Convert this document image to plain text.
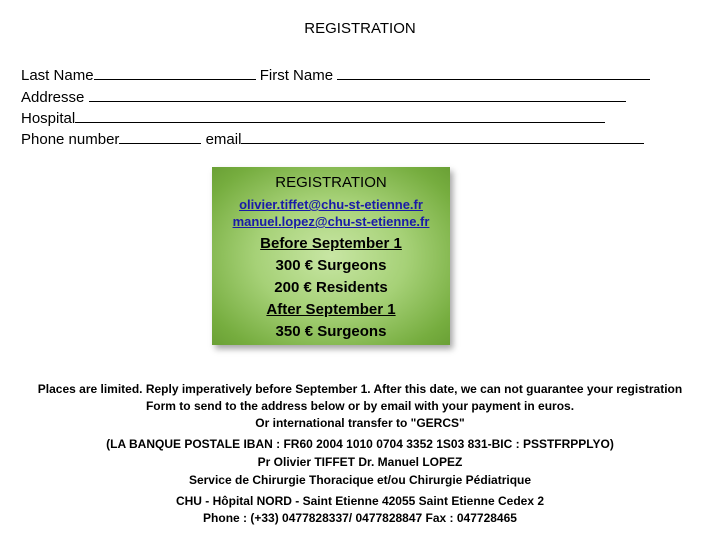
REGISTRATION
Last Name	First Name
Addresse
Hospital
Phone number	email
REGISTRATION
olivier.tiffet@chu-st-etienne.fr
manuel.lopez@chu-st-etienne.fr
Before September 1
300 € Surgeons
200 € Residents
After September 1
350 € Surgeons
Places are limited. Reply imperatively before September 1. After this date, we can not guarantee your registration
Form to send to the address below or by email with your payment in euros.
Or international transfer to "GERCS"
(LA BANQUE POSTALE IBAN : FR60 2004 1010 0704 3352 1S03 831-BIC : PSSTFRPPLYO)
Pr Olivier TIFFET Dr. Manuel LOPEZ
Service de Chirurgie Thoracique et/ou Chirurgie Pédiatrique
CHU - Hôpital NORD - Saint Etienne 42055 Saint Etienne Cedex 2
Phone : (+33) 0477828337/ 0477828847 Fax : 047728465
